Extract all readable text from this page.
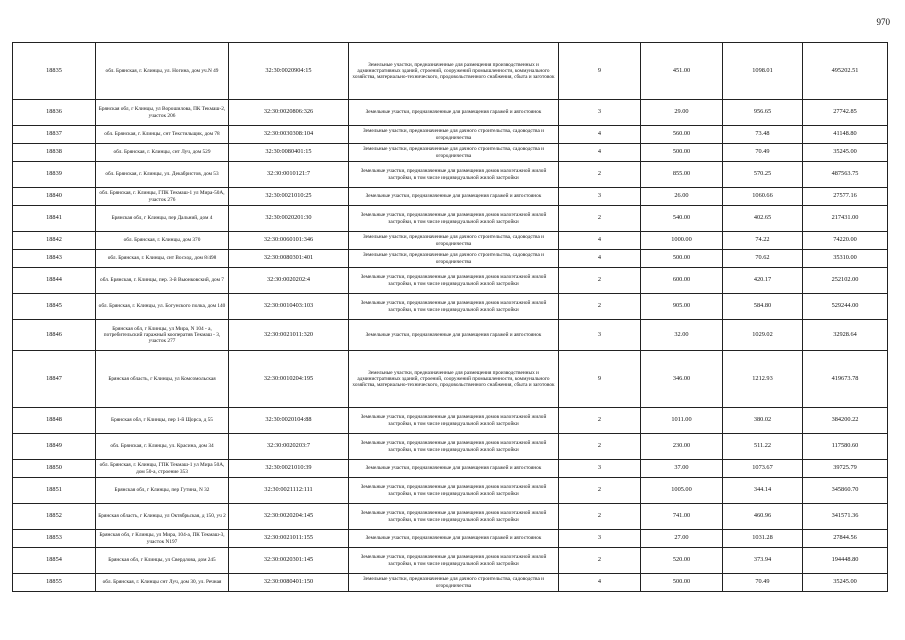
970
18835	обл. Брянская, г. Клинцы, ул. Ногина, дом уч.N 49	32:30:0020904:15	Земельные участки, предназначенные для размещения производственных и административных зданий, строений, сооружений промышленности, коммунального хозяйства, материально-технического, продовольственного снабжения, сбыта и заготовок	9	451.00	1098.01	495202.51
18836	Брянская обл, г Клинцы, ул Ворошилова, ПК Текмаш-2, участок 206	32:30:0020806:326	Земельные участки, предназначенные для размещения гаражей и автостоянок	3	29.00	956.65	27742.85
18837	обл. Брянская, г. Клинцы, снт Текстильщик, дом 78	32:30:0030308:104	Земельные участки, предназначенные для дачного строительства, садоводства и огородничества	4	560.00	73.48	41148.80
18838	обл. Брянская, г. Клинцы, снт Луч, дом 529	32:30:0080401:15	Земельные участки, предназначенные для дачного строительства, садоводства и огородничества	4	500.00	70.49	35245.00
18839	обл. Брянская, г. Клинцы, ул. Декабристов, дом 53	32:30:0010121:7	Земельные участки, предназначенные для размещения домов малоэтажной жилой застройки, в том числе индивидуальной жилой застройки	2	855.00	570.25	487563.75
18840	обл. Брянская, г. Клинцы, ГПК Текмаш-1 ул Мира-50А, участок 276	32:30:0021010:25	Земельные участки, предназначенные для размещения гаражей и автостоянок	3	26.00	1060.66	27577.16
18841	Брянская обл, г Клинцы, пер Дальний, дом 4	32:30:0020201:30	Земельные участки, предназначенные для размещения домов малоэтажной жилой застройки, в том числе индивидуальной жилой застройки	2	540.00	402.65	217431.00
18842	обл. Брянская, г. Клинцы, дом 370	32:30:0060101:346	Земельные участки, предназначенные для дачного строительства, садоводства и огородничества	4	1000.00	74.22	74220.00
18843	обл. Брянская, г. Клинцы, снт Восход, дом 8/498	32:30:0080301:401	Земельные участки, предназначенные для дачного строительства, садоводства и огородничества	4	500.00	70.62	35310.00
18844	обл. Брянская, г. Клинцы, пер. 3-й Вьюнковский, дом 7	32:30:0020202:4	Земельные участки, предназначенные для размещения домов малоэтажной жилой застройки, в том числе индивидуальной жилой застройки	2	600.00	420.17	252102.00
18845	обл. Брянская, г. Клинцы, ул. Богунского полка, дом 140	32:30:0010403:103	Земельные участки, предназначенные для размещения домов малоэтажной жилой застройки, в том числе индивидуальной жилой застройки	2	905.00	584.80	529244.00
18846	Брянская обл, г Клинцы, ул Мира, N 104 - а, потребительский гаражный кооператив Текмаш - 3, участок 277	32:30:0021011:320	Земельные участки, предназначенные для размещения гаражей и автостоянок	3	32.00	1029.02	32928.64
18847	Брянская область, г Клинцы, ул Комсомольская	32:30:0010204:195	Земельные участки, предназначенные для размещения производственных и административных зданий, строений, сооружений промышленности, коммунального хозяйства, материально-технического, продовольственного снабжения, сбыта и заготовок	9	346.00	1212.93	419673.78
18848	Брянская обл, г Клинцы, пер 1-й Щорса, д 55	32:30:0020104:88	Земельные участки, предназначенные для размещения домов малоэтажной жилой застройки, в том числе индивидуальной жилой застройки	2	1011.00	380.02	384200.22
18849	обл. Брянская, г. Клинцы, ул. Красина, дом 34	32:30:0020203:7	Земельные участки, предназначенные для размещения домов малоэтажной жилой застройки, в том числе индивидуальной жилой застройки	2	230.00	511.22	117580.60
18850	обл. Брянская, г. Клинцы, ГПК Текмаш-1 ул Мира 50А, дом 50-а, строение 353	32:30:0021010:39	Земельные участки, предназначенные для размещения гаражей и автостоянок	3	37.00	1073.67	39725.79
18851	Брянская обл, г Клинцы, пер Гутина, N 32	32:30:0021112:111	Земельные участки, предназначенные для размещения домов малоэтажной жилой застройки, в том числе индивидуальной жилой застройки	2	1005.00	344.14	345860.70
18852	Брянская область, г Клинцы, ул Октябрьская, д 150, уч 2	32:30:0020204:145	Земельные участки, предназначенные для размещения домов малоэтажной жилой застройки, в том числе индивидуальной жилой застройки	2	741.00	460.96	341571.36
18853	Брянская обл, г Клинцы, ул Мира, 104-а, ПК Текмаш-3, участок N197	32:30:0021011:155	Земельные участки, предназначенные для размещения гаражей и автостоянок	3	27.00	1031.28	27844.56
18854	Брянская обл, г Клинцы, ул Свердлова, дом 245	32:30:0020301:145	Земельные участки, предназначенные для размещения домов малоэтажной жилой застройки, в том числе индивидуальной жилой застройки	2	520.00	373.94	194448.80
18855	обл. Брянская, г. Клинцы снт Луч, дом 30, ул. Речная	32:30:0080401:150	Земельные участки, предназначенные для дачного строительства, садоводства и огородничества	4	500.00	70.49	35245.00
